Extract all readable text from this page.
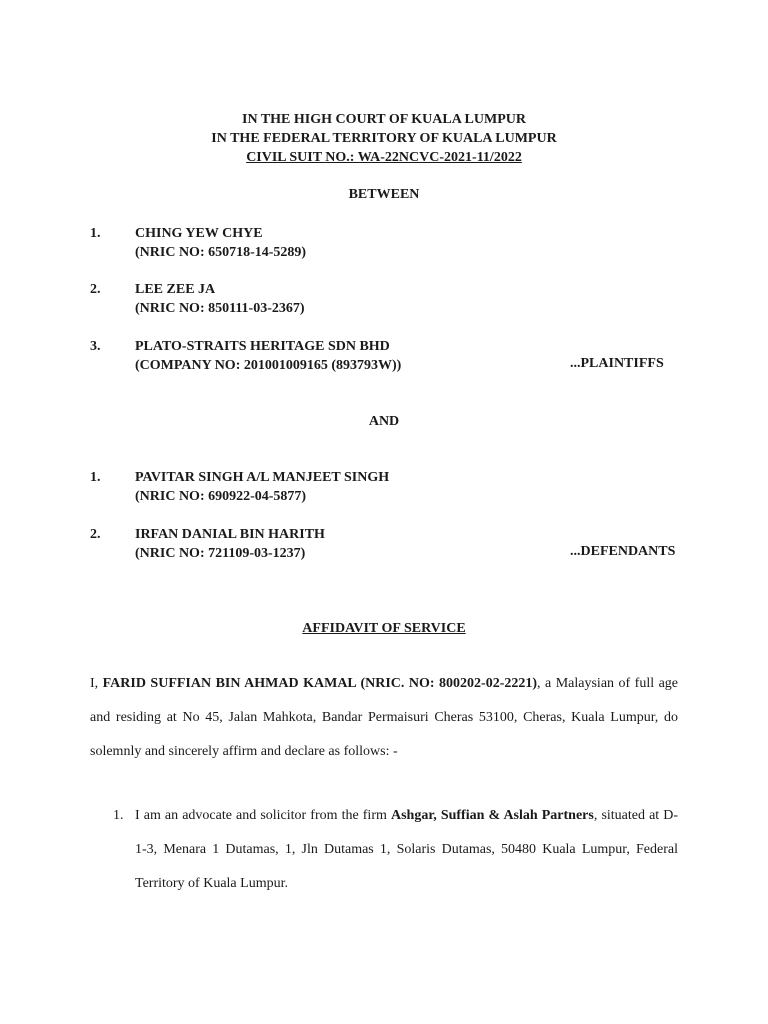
IN THE HIGH COURT OF KUALA LUMPUR
IN THE FEDERAL TERRITORY OF KUALA LUMPUR
CIVIL SUIT NO.: WA-22NCVC-2021-11/2022
BETWEEN
1. CHING YEW CHYE
(NRIC NO: 650718-14-5289)
2. LEE ZEE JA
(NRIC NO: 850111-03-2367)
3. PLATO-STRAITS HERITAGE SDN BHD
(COMPANY NO: 201001009165 (893793W))	...PLAINTIFFS
AND
1. PAVITAR SINGH A/L MANJEET SINGH
(NRIC NO: 690922-04-5877)
2. IRFAN DANIAL BIN HARITH
(NRIC NO: 721109-03-1237)	...DEFENDANTS
AFFIDAVIT OF SERVICE
I, FARID SUFFIAN BIN AHMAD KAMAL (NRIC. NO: 800202-02-2221), a Malaysian of full age and residing at No 45, Jalan Mahkota, Bandar Permaisuri Cheras 53100, Cheras, Kuala Lumpur, do solemnly and sincerely affirm and declare as follows: -
1. I am an advocate and solicitor from the firm Ashgar, Suffian & Aslah Partners, situated at D-1-3, Menara 1 Dutamas, 1, Jln Dutamas 1, Solaris Dutamas, 50480 Kuala Lumpur, Federal Territory of Kuala Lumpur.
